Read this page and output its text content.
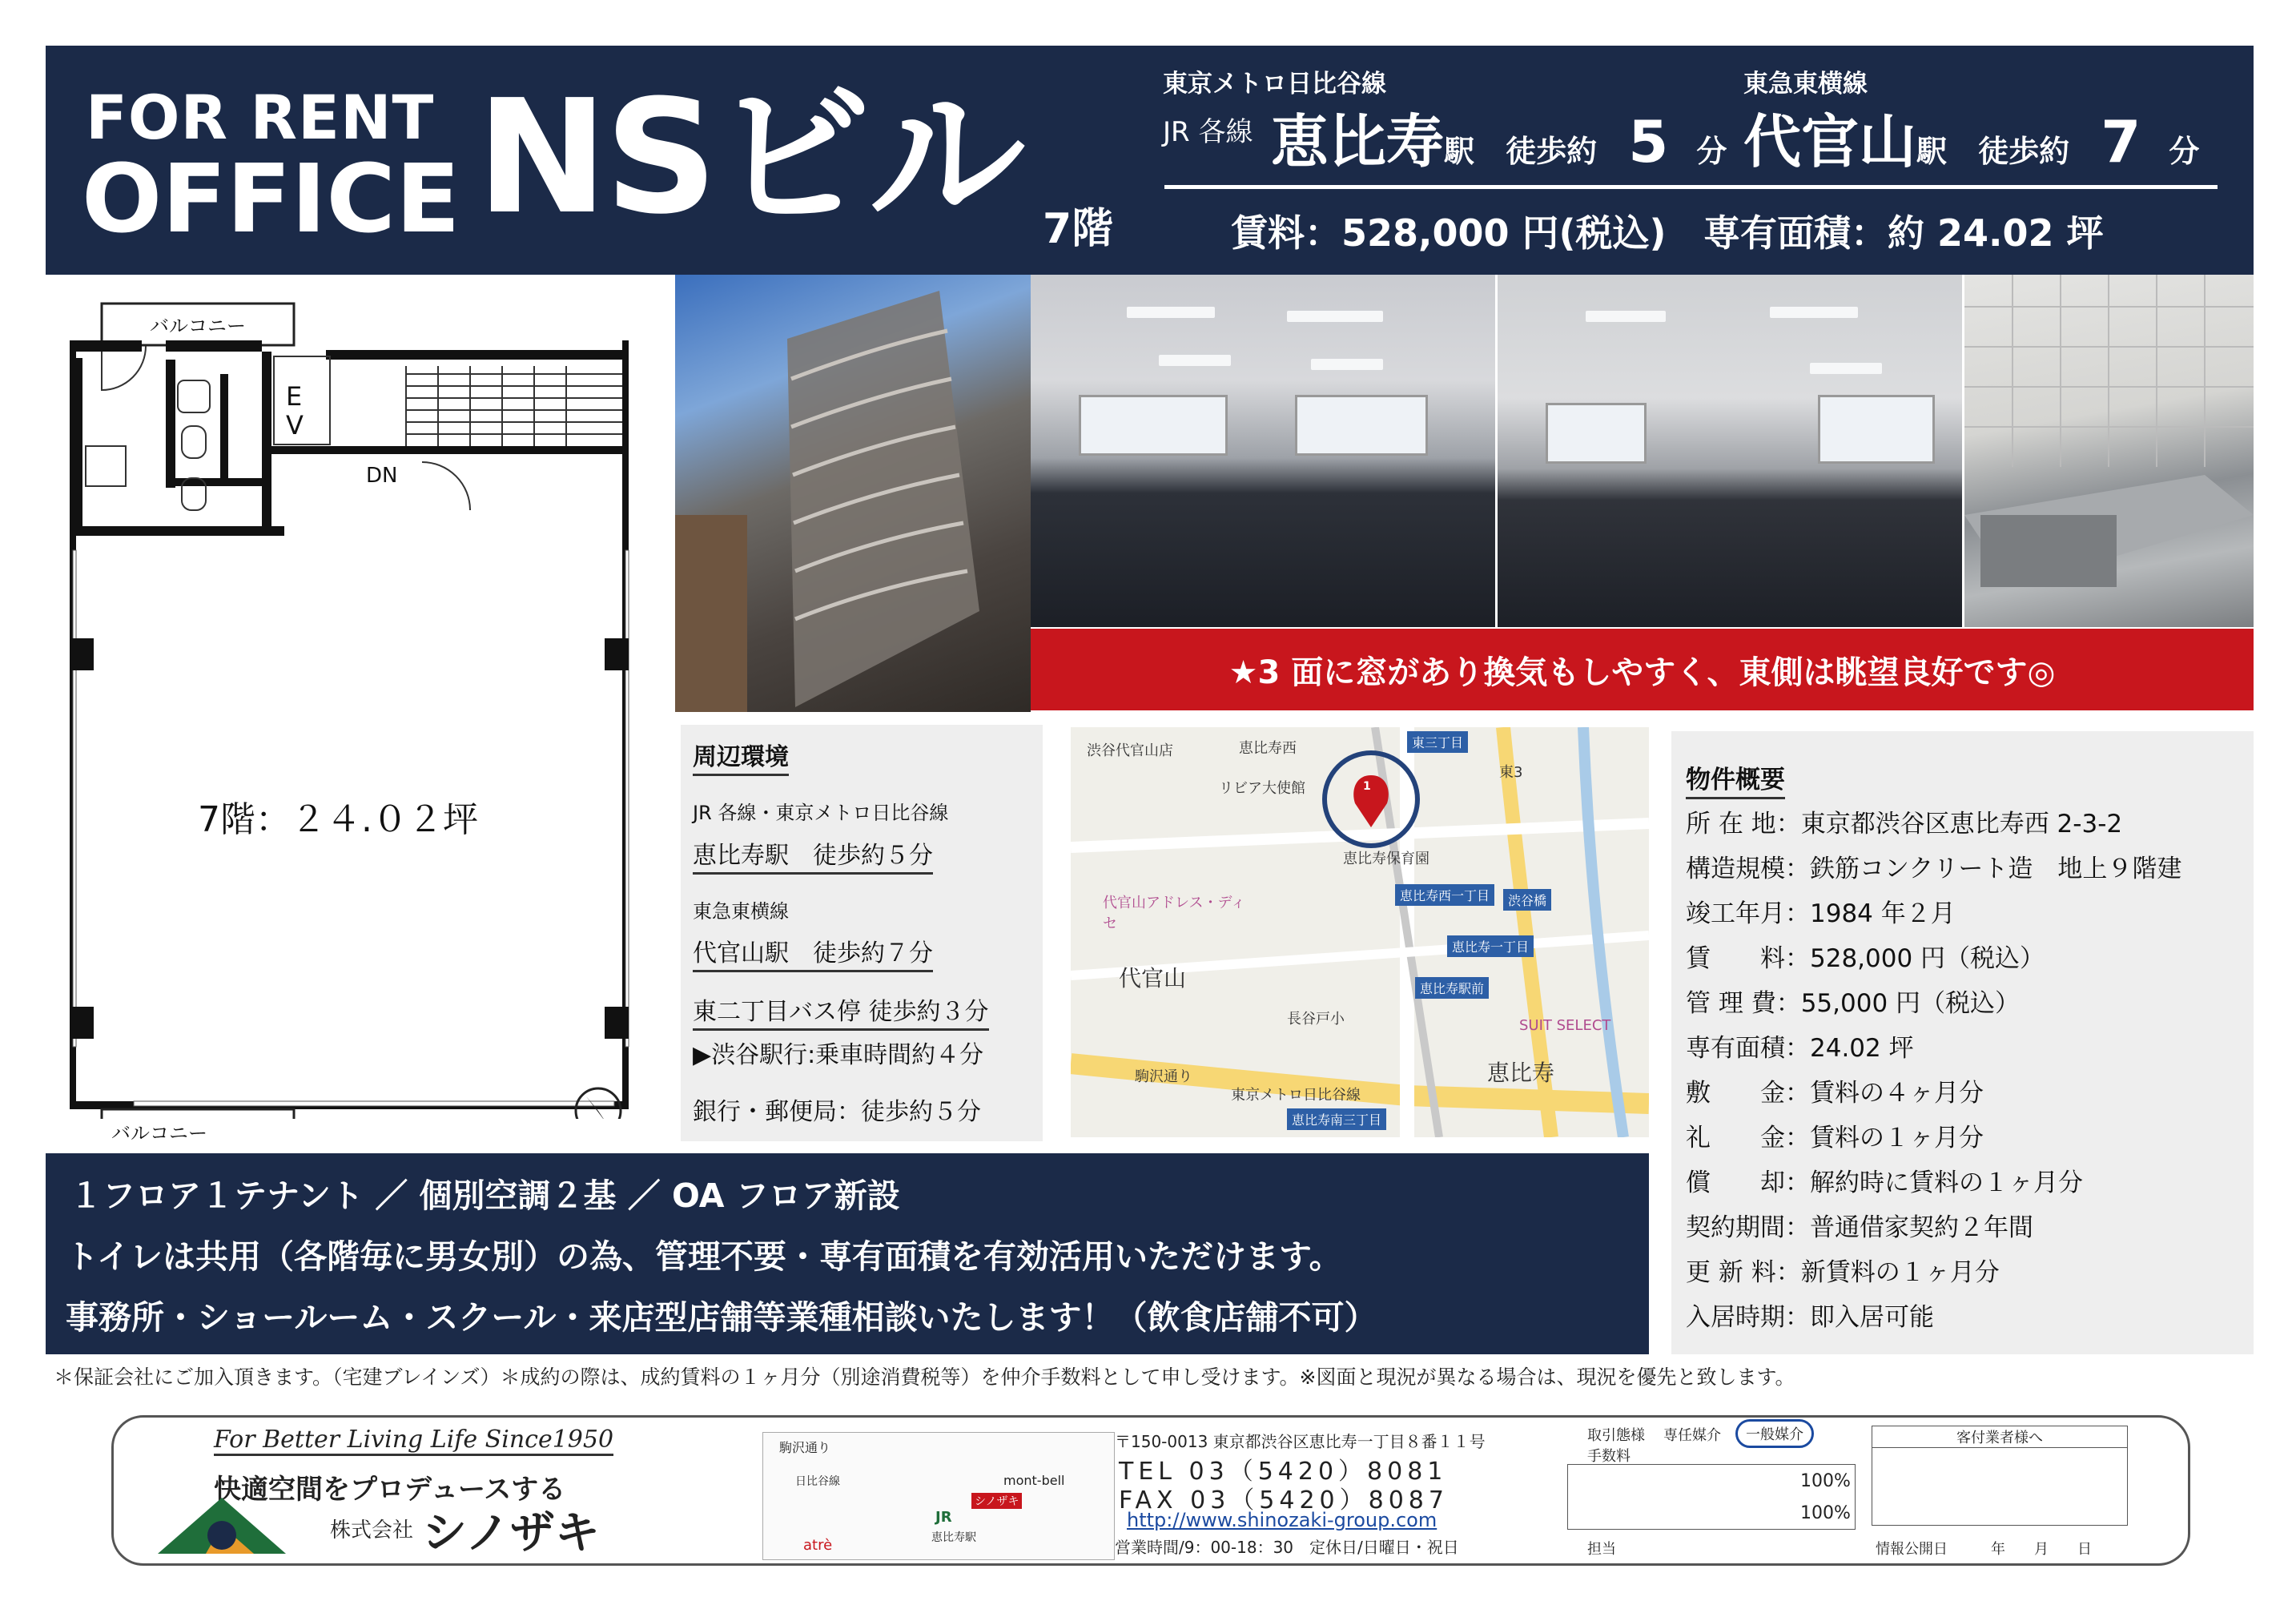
FOR RENT
OFFICE NSビル 7階
東京メトロ日比谷線
JR 各線 恵比寿駅 徒歩約 5 分
東急東横線
代官山駅 徒歩約 7 分
賃料：528,000 円(税込) 専有面積：約 24.02 坪
バルコニー
EV
DN
7階：２４.０２坪
バルコニー
★3 面に窓があり換気もしやすく、東側は眺望良好です◎
周辺環境
JR 各線・東京メトロ日比谷線
恵比寿駅　徒歩約５分
東急東横線
代官山駅　徒歩約７分
東二丁目バス停 徒歩約３分
▶渋谷駅行:乗車時間約４分
銀行・郵便局：徒歩約５分
1
渋谷代官山店
リビア大使館
恵比寿保育園
恵比寿西一丁目	渋谷橋
恵比寿一丁目
恵比寿駅前
代官山アドレス・ディセ
代官山
長谷戸小	SUIT SELECT
恵比寿
駒沢通り
東京メトロ日比谷線
恵比寿南三丁目
東三丁目
恵比寿西
東3	物件概要
所 在 地：東京都渋谷区恵比寿西 2-3-2
構造規模：鉄筋コンクリート造　地上９階建
竣工年月：1984 年２月
賃　　料：528,000 円（税込）
管 理 費：55,000 円（税込）
専有面積：24.02 坪
敷　　金：賃料の４ヶ月分
礼　　金：賃料の１ヶ月分
償　　却：解約時に賃料の１ヶ月分
契約期間：普通借家契約２年間
更 新 料：新賃料の１ヶ月分
入居時期：即入居可能
１フロア１テナント ／ 個別空調２基 ／ OA フロア新設
トイレは共用（各階毎に男女別）の為、管理不要・専有面積を有効活用いただけます。
事務所・ショールーム・スクール・来店型店舗等業種相談いたします！（飲食店舗不可）
＊保証会社にご加入頂きます。（宅建ブレインズ）＊成約の際は、成約賃料の１ヶ月分（別途消費税等）を仲介手数料として申し受けます。※図面と現況が異なる場合は、現況を優先と致します。
For Better Living Life Since1950
快適空間をプロデュースする
株式会社 シノザキ
駒沢通り
日比谷線
atrè
JR
恵比寿駅
シノザキ
mont-bell
〒150-0013 東京都渋谷区恵比寿一丁目８番１１号
TEL 03（5420）8081
FAX 03（5420）8087
http://www.shinozaki-group.com
営業時間/9：00-18：30　定休日/日曜日・祝日
取引態様 専任媒介	一般媒介
手数料
100%
100%
担当
客付業者様へ
情報公開日　　　年　　月　　日
